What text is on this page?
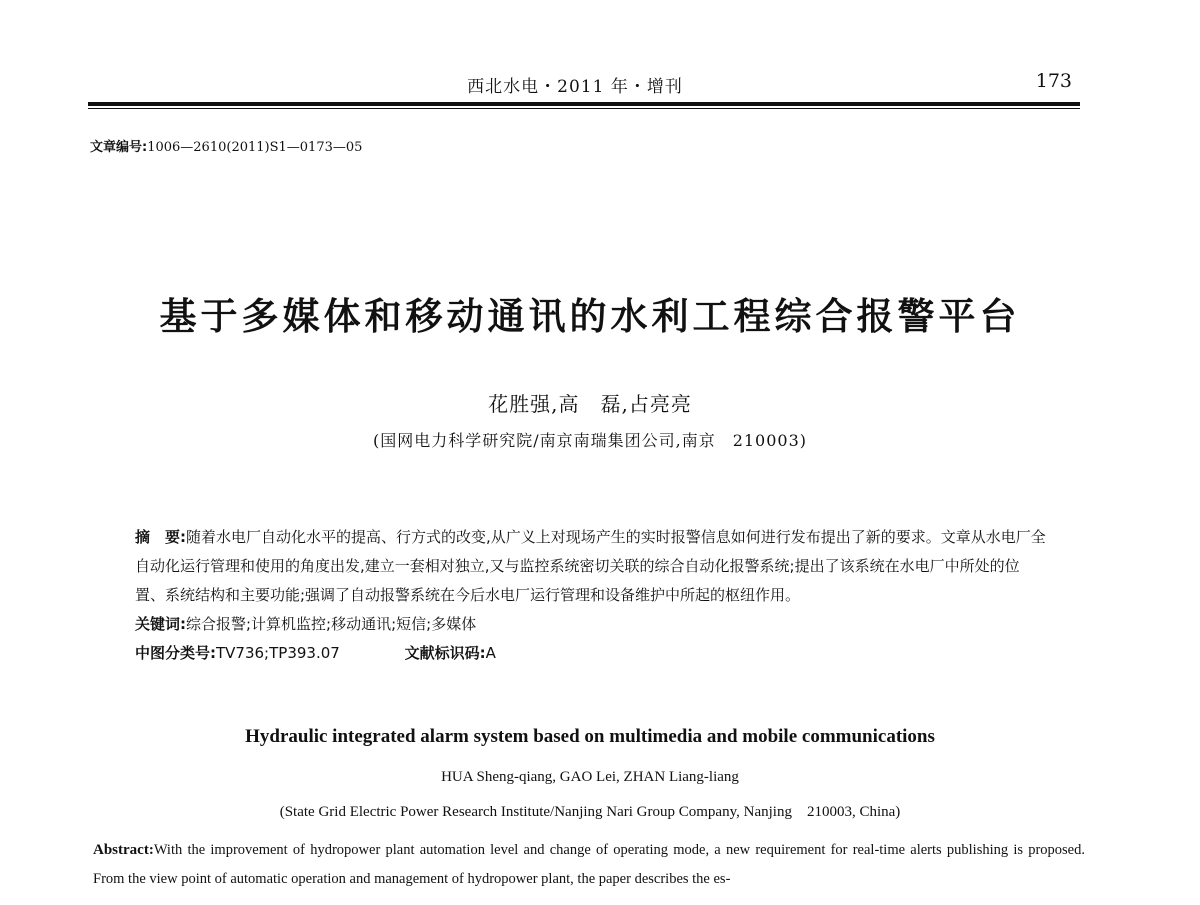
西北水电・2011 年・增刊	173
文章编号:1006—2610(2011)S1—0173—05
基于多媒体和移动通讯的水利工程综合报警平台
花胜强,高　磊,占亮亮
(国网电力科学研究院/南京南瑞集团公司,南京　210003)

摘　要:随着水电厂自动化水平的提高、行方式的改变,从广义上对现场产生的实时报警信息如何进行发布提出了新的要求。文章从水电厂全自动化运行管理和使用的角度出发,建立一套相对独立,又与监控系统密切关联的综合自动化报警系统;提出了该系统在水电厂中所处的位置、系统结构和主要功能;强调了自动报警系统在今后水电厂运行管理和设备维护中所起的枢纽作用。

关键词:综合报警;计算机监控;移动通讯;短信;多媒体

中图分类号:TV736;TP393.07	文献标识码:A

Hydraulic integrated alarm system based on multimedia and mobile communications
HUA Sheng-qiang, GAO Lei, ZHAN Liang-liang
(State Grid Electric Power Research Institute/Nanjing Nari Group Company, Nanjing　210003, China)
Abstract:With the improvement of hydropower plant automation level and change of operating mode, a new requirement for real-time alerts publishing is proposed. From the view point of automatic operation and management of hydropower plant, the paper describes the es-
